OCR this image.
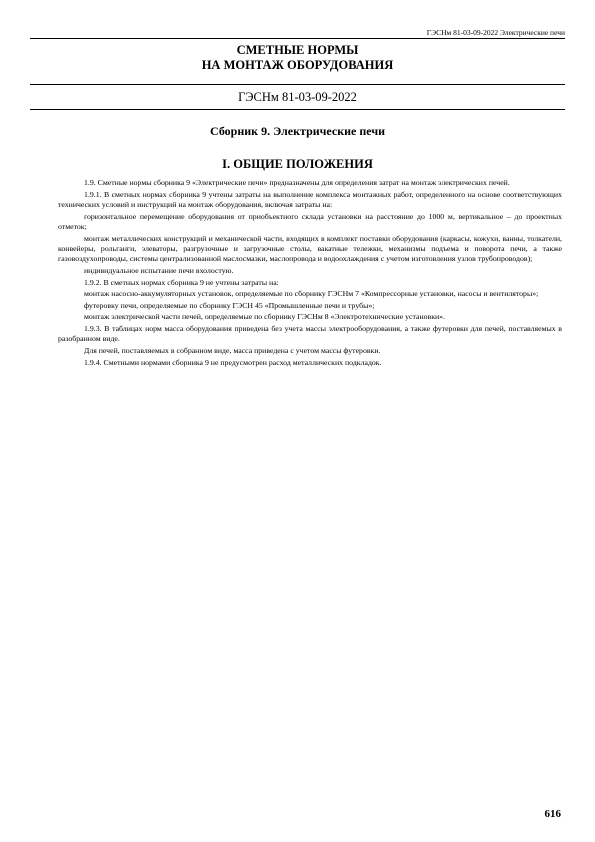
ГЭСНм 81-03-09-2022 Электрические печи
СМЕТНЫЕ НОРМЫ
НА МОНТАЖ ОБОРУДОВАНИЯ
ГЭСНм 81-03-09-2022
Сборник 9. Электрические печи
I. ОБЩИЕ ПОЛОЖЕНИЯ

1.9. Сметные нормы сборника 9 «Электрические печи» предназначены для определения затрат на монтаж электрических печей.

1.9.1. В сметных нормах сборника 9 учтены затраты на выполнение комплекса монтажных работ, определенного на основе соответствующих технических условий и инструкций на монтаж оборудования, включая затраты на:

горизонтальное перемещение оборудования от приобъектного склада установки на расстояние до 1000 м, вертикальное – до проектных отметок;

монтаж металлических конструкций и механической части, входящих в комплект поставки оборудования (каркасы, кожухи, ванны, толкатели, конвейеры, рольганги, элеваторы, разгрузочные и загрузочные столы, вакатные тележки, механизмы подъема и поворота печи, а также газовоздухопроводы, системы централизованной маслосмазки, маслопровода и водоохлаждения с учетом изготовления узлов трубопроводов);

индивидуальное испытание печи вхолостую.

1.9.2. В сметных нормах сборника 9 не учтены затраты на:

монтаж насосно-аккумуляторных установок, определяемые по сборнику ГЭСНм 7 «Компрессорные установки, насосы и вентиляторы»;

футеровку печи, определяемые по сборнику ГЭСН 45 «Промышленные печи и трубы»;

монтаж электрической части печей, определяемые по сборнику ГЭСНм 8 «Электротехнические установки».

1.9.3. В таблицах норм масса оборудования приведена без учета массы электрооборудования, а также футеровки для печей, поставляемых в разобранном виде.

Для печей, поставляемых в собранном виде, масса приведена с учетом массы футеровки.

1.9.4. Сметными нормами сборника 9 не предусмотрен расход металлических подкладок.

616
